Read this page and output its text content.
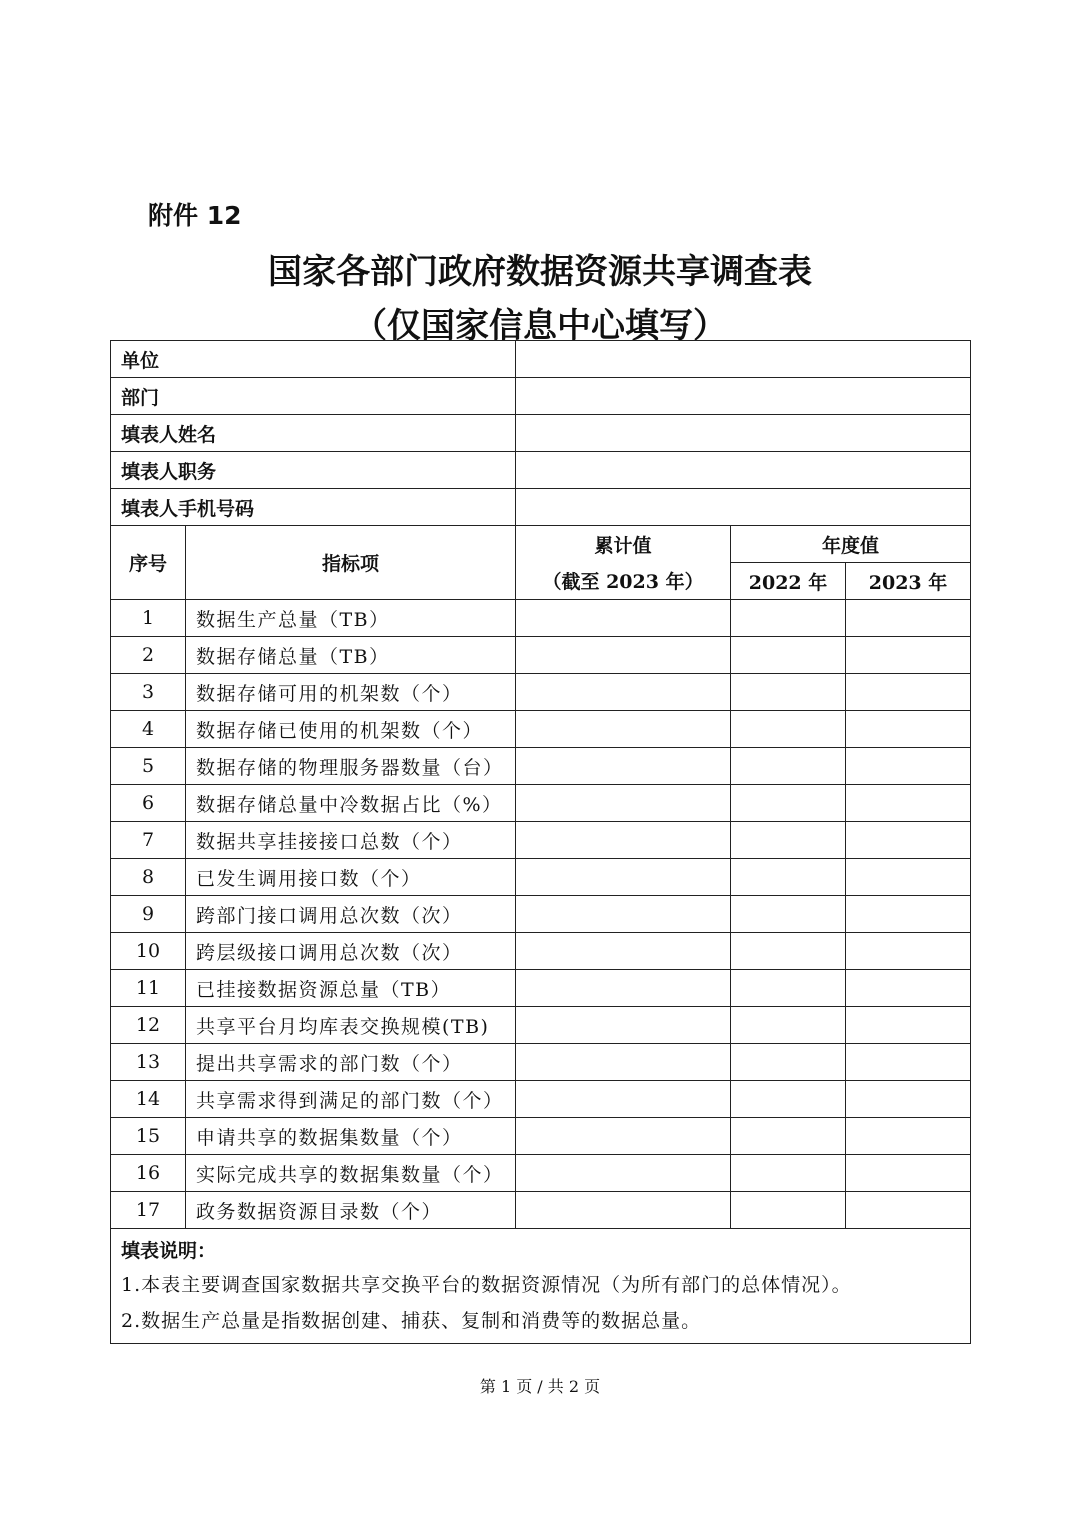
附件 12
国家各部门政府数据资源共享调查表
（仅国家信息中心填写）
单位				
部门				
填表人姓名				
填表人职务				
填表人手机号码				
序号	指标项	累计值	年度值	
		（截至 2023 年）	2022 年	2023 年
1	数据生产总量（TB）			
2	数据存储总量（TB）			
3	数据存储可用的机架数（个）			
4	数据存储已使用的机架数（个）			
5	数据存储的物理服务器数量（台）			
6	数据存储总量中冷数据占比（%）			
7	数据共享挂接接口总数（个）			
8	已发生调用接口数（个）			
9	跨部门接口调用总次数（次）			
10	跨层级接口调用总次数（次）			
11	已挂接数据资源总量（TB）			
12	共享平台月均库表交换规模(TB)			
13	提出共享需求的部门数（个）			
14	共享需求得到满足的部门数（个）			
15	申请共享的数据集数量（个）			
16	实际完成共享的数据集数量（个）			
17	政务数据资源目录数（个）			

填表说明：
1.本表主要调查国家数据共享交换平台的数据资源情况（为所有部门的总体情况）。
2.数据生产总量是指数据创建、捕获、复制和消费等的数据总量。				
第 1 页 / 共 2 页
